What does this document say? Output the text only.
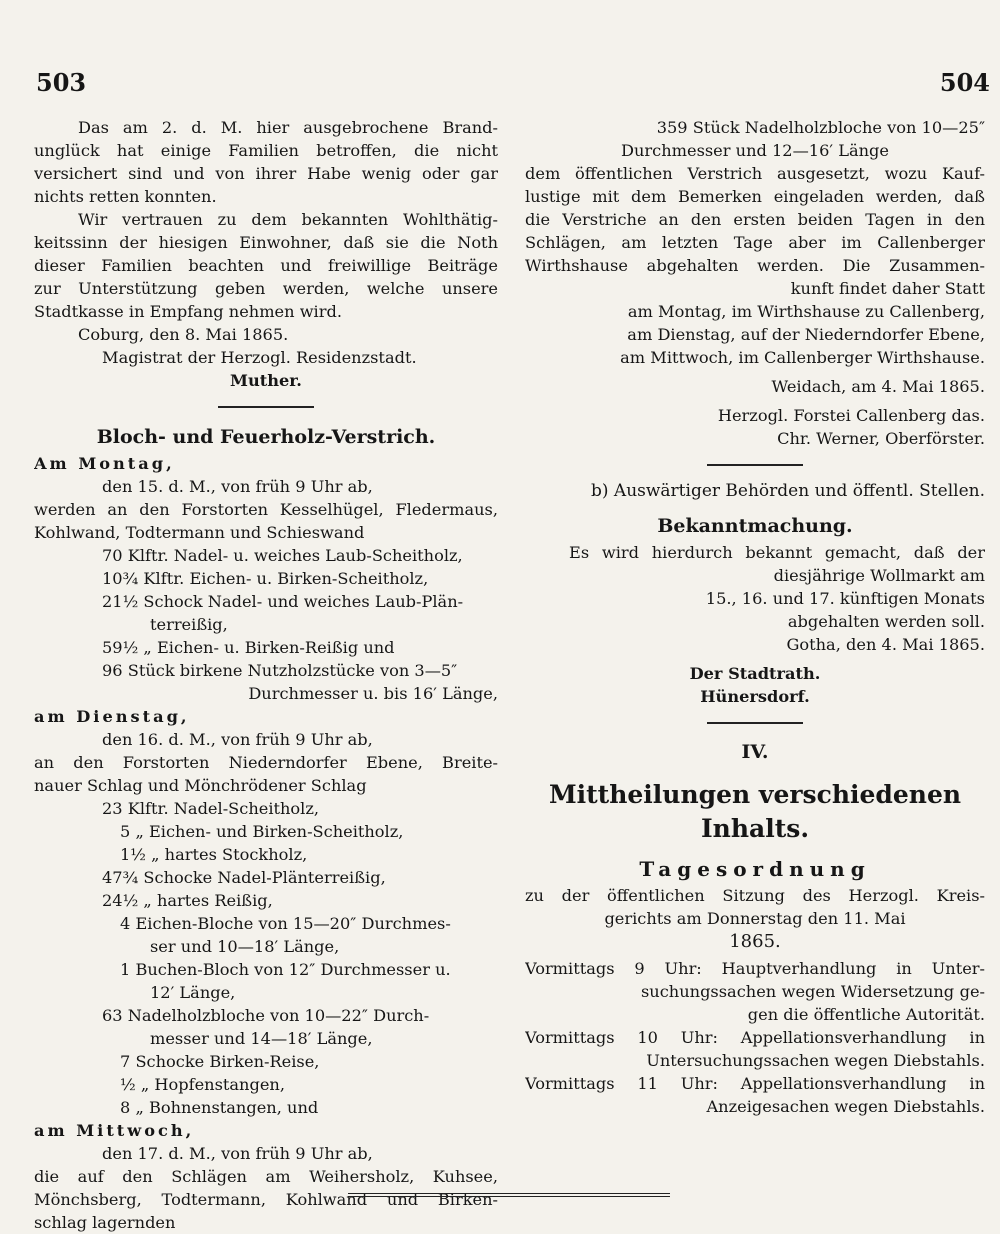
503	504
Das am 2. d. M. hier ausgebrochene Brand-
unglück hat einige Familien betroffen, die nicht
versichert sind und von ihrer Habe wenig oder gar
nichts retten konnten.
Wir vertrauen zu dem bekannten Wohlthätig-
keitssinn der hiesigen Einwohner, daß sie die Noth
dieser Familien beachten und freiwillige Beiträge
zur Unterstützung geben werden, welche unsere
Stadtkasse in Empfang nehmen wird.
Coburg, den 8. Mai 1865.
Magistrat der Herzogl. Residenzstadt.
Muther.
Bloch- und Feuerholz-Verstrich.
Am Montag,
den 15. d. M., von früh 9 Uhr ab,
werden an den Forstorten Kesselhügel, Fledermaus,
Kohlwand, Todtermann und Schieswand
70 Klftr. Nadel- u. weiches Laub-Scheitholz,
10¾ Klftr. Eichen- u. Birken-Scheitholz,
21½ Schock Nadel- und weiches Laub-Plän-
terreißig,
59½ „ Eichen- u. Birken-Reißig und
96 Stück birkene Nutzholzstücke von 3—5″
Durchmesser u. bis 16′ Länge,
am Dienstag,
den 16. d. M., von früh 9 Uhr ab,
an den Forstorten Niederndorfer Ebene, Breite-
nauer Schlag und Mönchrödener Schlag
23 Klftr. Nadel-Scheitholz,
5 „ Eichen- und Birken-Scheitholz,
1½ „ hartes Stockholz,
47¾ Schocke Nadel-Plänterreißig,
24½ „ hartes Reißig,
4 Eichen-Bloche von 15—20″ Durchmes-
ser und 10—18′ Länge,
1 Buchen-Bloch von 12″ Durchmesser u.
12′ Länge,
63 Nadelholzbloche von 10—22″ Durch-
messer und 14—18′ Länge,
7 Schocke Birken-Reise,
½ „ Hopfenstangen,
8 „ Bohnenstangen, und
am Mittwoch,
den 17. d. M., von früh 9 Uhr ab,
die auf den Schlägen am Weihersholz, Kuhsee,
Mönchsberg, Todtermann, Kohlwand und Birken-
schlag lagernden
359 Stück Nadelholzbloche von 10—25″
Durchmesser und 12—16′ Länge
dem öffentlichen Verstrich ausgesetzt, wozu Kauf-
lustige mit dem Bemerken eingeladen werden, daß
die Verstriche an den ersten beiden Tagen in den
Schlägen, am letzten Tage aber im Callenberger
Wirthshause abgehalten werden. Die Zusammen-
kunft findet daher Statt
am Montag, im Wirthshause zu Callenberg,
am Dienstag, auf der Niederndorfer Ebene,
am Mittwoch, im Callenberger Wirthshause.
Weidach, am 4. Mai 1865.
Herzogl. Forstei Callenberg das.
Chr. Werner, Oberförster.
b) Auswärtiger Behörden und öffentl. Stellen.
Bekanntmachung.
Es wird hierdurch bekannt gemacht, daß der
diesjährige Wollmarkt am
15., 16. und 17. künftigen Monats
abgehalten werden soll.
Gotha, den 4. Mai 1865.
Der Stadtrath.
Hünersdorf.
IV.
Mittheilungen verschiedenen Inhalts.
Tagesordnung
zu der öffentlichen Sitzung des Herzogl. Kreis-
gerichts am Donnerstag den 11. Mai
1865.
Vormittags 9 Uhr: Hauptverhandlung in Unter-
suchungssachen wegen Widersetzung ge-
gen die öffentliche Autorität.
Vormittags 10 Uhr: Appellationsverhandlung in
Untersuchungssachen wegen Diebstahls.
Vormittags 11 Uhr: Appellationsverhandlung in
Anzeigesachen wegen Diebstahls.
